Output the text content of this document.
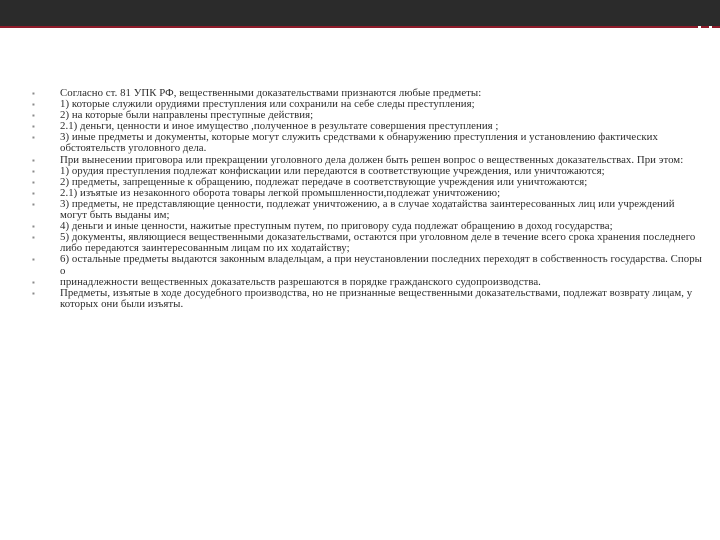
▪ Согласно ст. 81 УПК РФ, вещественными доказательствами признаются любые предметы:
▪ 1) которые служили орудиями преступления или сохранили на себе следы преступления;
▪ 2) на которые были направлены преступные действия;
▪ 2.1) деньги, ценности и иное имущество ,полученное в результате совершения преступления ;
▪ 3) иные предметы и документы, которые могут служить средствами к обнаружению преступления и установлению фактических обстоятельств уголовного дела.
▪ При вынесении приговора или прекращении уголовного дела должен быть решен вопрос о вещественных доказательствах. При этом:
▪ 1) орудия преступления подлежат конфискации или передаются в соответствующие учреждения, или уничтожаются;
▪ 2) предметы, запрещенные к обращению, подлежат передаче в соответствующие учреждения или уничтожаются;
▪ 2.1) изъятые из незаконного оборота товары легкой промышленности,подлежат уничтожению;
▪ 3) предметы, не представляющие ценности, подлежат уничтожению, а в случае ходатайства заинтересованных лиц или учреждений могут быть выданы им;
▪ 4) деньги и иные ценности, нажитые преступным путем, по приговору суда подлежат обращению в доход государства;
▪ 5) документы, являющиеся вещественными доказательствами, остаются при уголовном деле в течение всего срока хранения последнего либо передаются заинтересованным лицам по их ходатайству;
▪ 6) остальные предметы выдаются законным владельцам, а при неустановлении последних переходят в собственность государства. Споры о
▪ принадлежности вещественных доказательств разрешаются в порядке гражданского судопроизводства.
▪ Предметы, изъятые в ходе досудебного производства, но не признанные вещественными доказательствами, подлежат возврату лицам, у которых они были изъяты.
